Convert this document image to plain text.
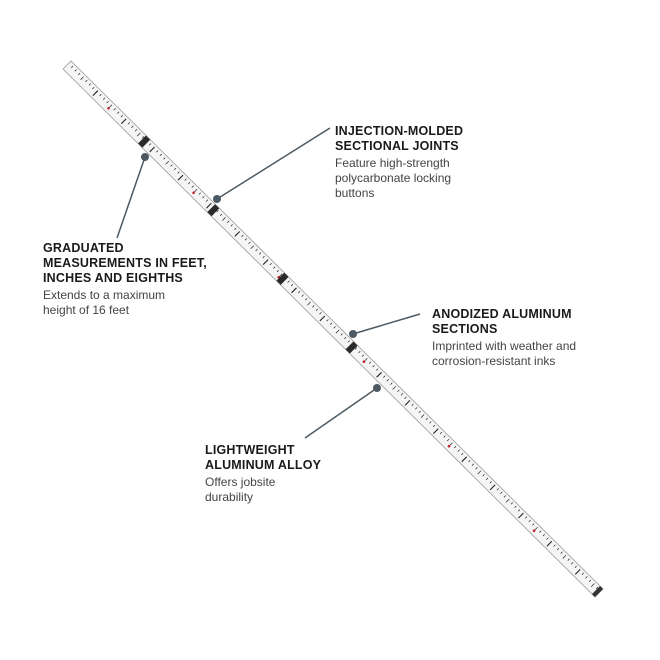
INJECTION-MOLDED
SECTIONAL JOINTS
Feature high-strength
polycarbonate locking
buttons
GRADUATED
MEASUREMENTS IN FEET,
INCHES AND EIGHTHS
Extends to a maximum
height of 16 feet	ANODIZED ALUMINUM
SECTIONS
Imprinted with weather and
corrosion-resistant inks
LIGHTWEIGHT
ALUMINUM ALLOY
Offers jobsite
durability
